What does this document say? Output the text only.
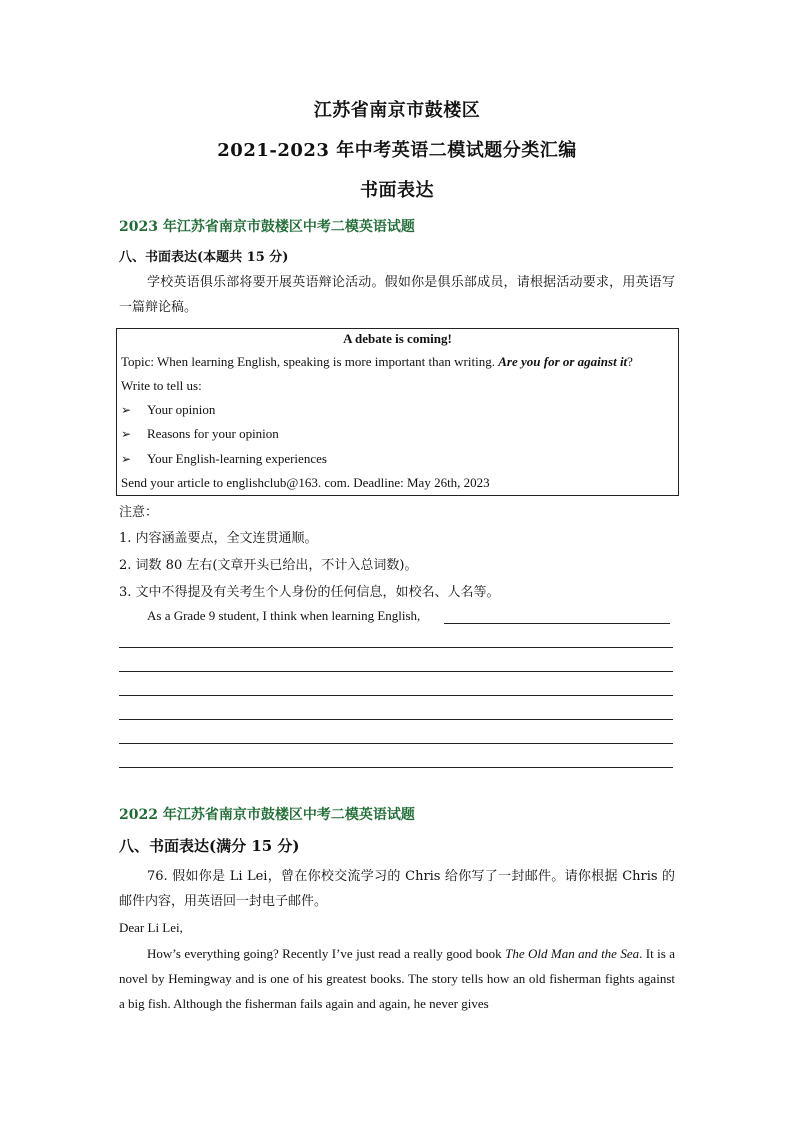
江苏省南京市鼓楼区
2021-2023 年中考英语二模试题分类汇编
书面表达
2023 年江苏省南京市鼓楼区中考二模英语试题
八、书面表达(本题共 15 分)
学校英语俱乐部将要开展英语辩论活动。假如你是俱乐部成员，请根据活动要求，用英语写一篇辩论稿。
A debate is coming!
Topic: When learning English, speaking is more important than writing. Are you for or against it?
Write to tell us:
➢ Your opinion
➢ Reasons for your opinion
➢ Your English-learning experiences
Send your article to englishclub@163. com. Deadline: May 26th, 2023
注意：
1. 内容涵盖要点，全文连贯通顺。
2. 词数 80 左右(文章开头已给出，不计入总词数)。
3. 文中不得提及有关考生个人身份的任何信息，如校名、人名等。
As a Grade 9 student, I think when learning English,
2022 年江苏省南京市鼓楼区中考二模英语试题
八、书面表达(满分 15 分)
76. 假如你是 Li Lei，曾在你校交流学习的 Chris 给你写了一封邮件。请你根据 Chris 的邮件内容，用英语回一封电子邮件。
Dear Li Lei,
How’s everything going? Recently I’ve just read a really good book The Old Man and the Sea. It is a novel by Hemingway and is one of his greatest books. The story tells how an old fisherman fights against a big fish. Although the fisherman fails again and again, he never gives
